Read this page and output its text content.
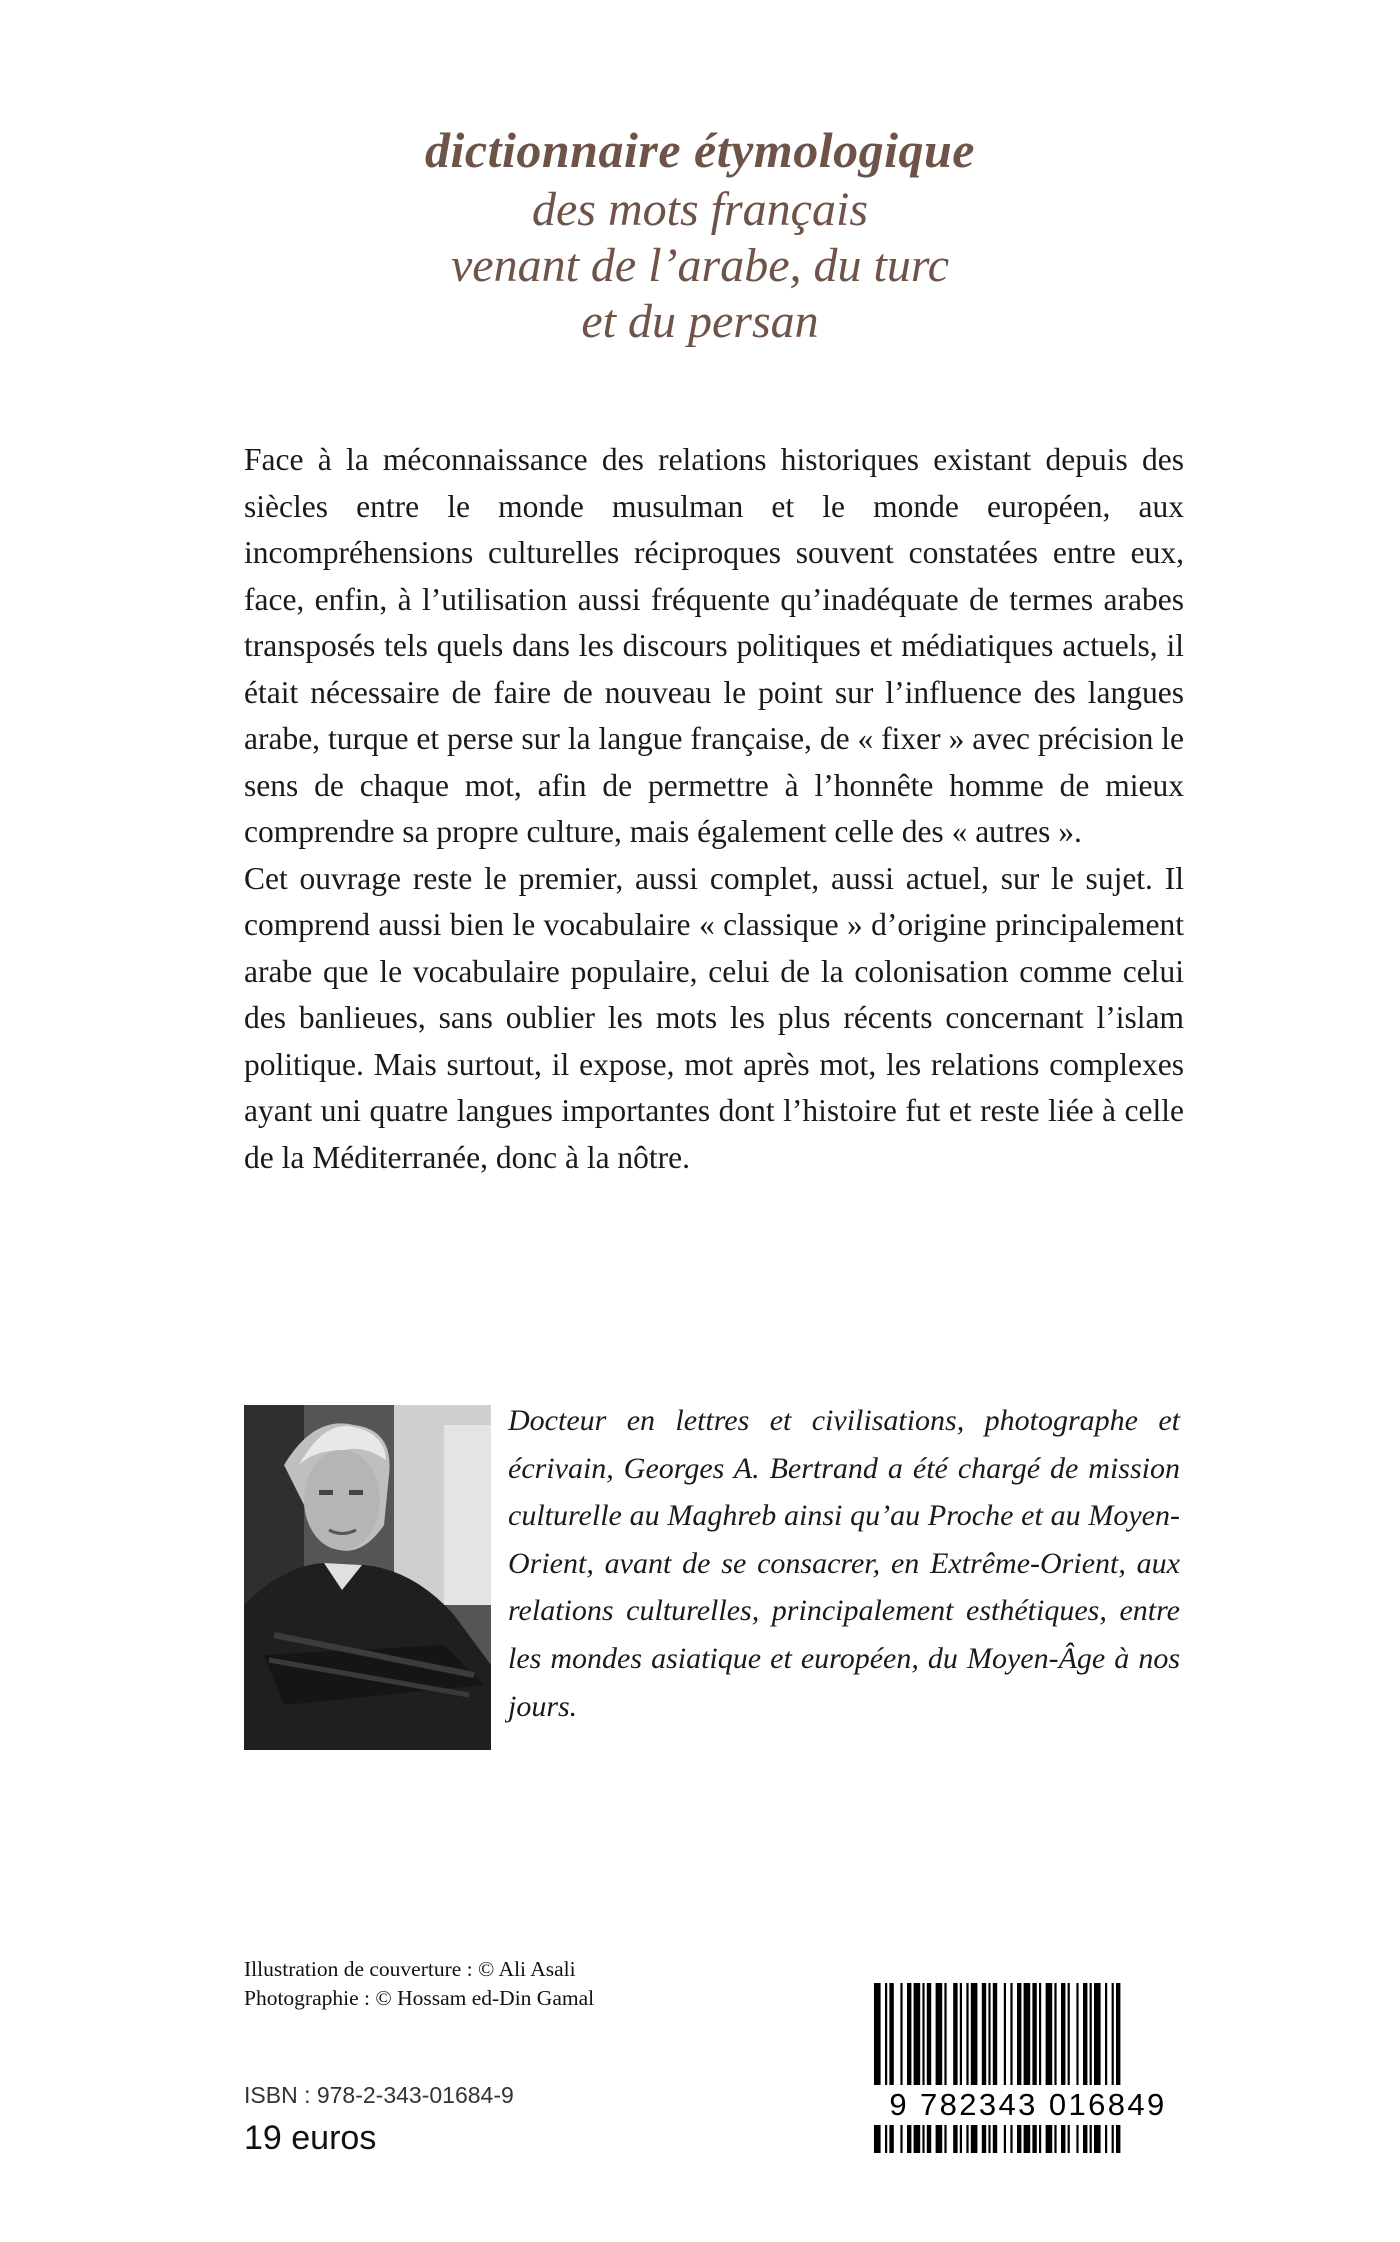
dictionnaire étymologique
des mots français
venant de l’arabe, du turc
et du persan

Face à la méconnaissance des relations historiques existant depuis des siècles entre le monde musulman et le monde européen, aux incompréhensions culturelles réciproques souvent constatées entre eux, face, enfin, à l’utilisation aussi fréquente qu’inadéquate de termes arabes transposés tels quels dans les discours politiques et médiatiques actuels, il était nécessaire de faire de nouveau le point sur l’influence des langues arabe, turque et perse sur la langue française, de « fixer » avec précision le sens de chaque mot, afin de permettre à l’honnête homme de mieux comprendre sa propre culture, mais également celle des « autres ».

Cet ouvrage reste le premier, aussi complet, aussi actuel, sur le sujet. Il comprend aussi bien le vocabulaire « classique » d’origine principalement arabe que le vocabulaire populaire, celui de la colonisation comme celui des banlieues, sans oublier les mots les plus récents concernant l’islam politique. Mais surtout, il expose, mot après mot, les relations complexes ayant uni quatre langues importantes dont l’histoire fut et reste liée à celle de la Méditerranée, donc à la nôtre.

Docteur en lettres et civilisations, photographe et écrivain, Georges A. Bertrand a été chargé de mission culturelle au Maghreb ainsi qu’au Proche et au Moyen-Orient, avant de se consacrer, en Extrême-Orient, aux relations culturelles, principalement esthétiques, entre les mondes asiatique et européen, du Moyen-Âge à nos jours.
Illustration de couverture : © Ali Asali
Photographie : © Hossam ed-Din Gamal
ISBN : 978-2-343-01684-9
19 euros
9 782343 016849
